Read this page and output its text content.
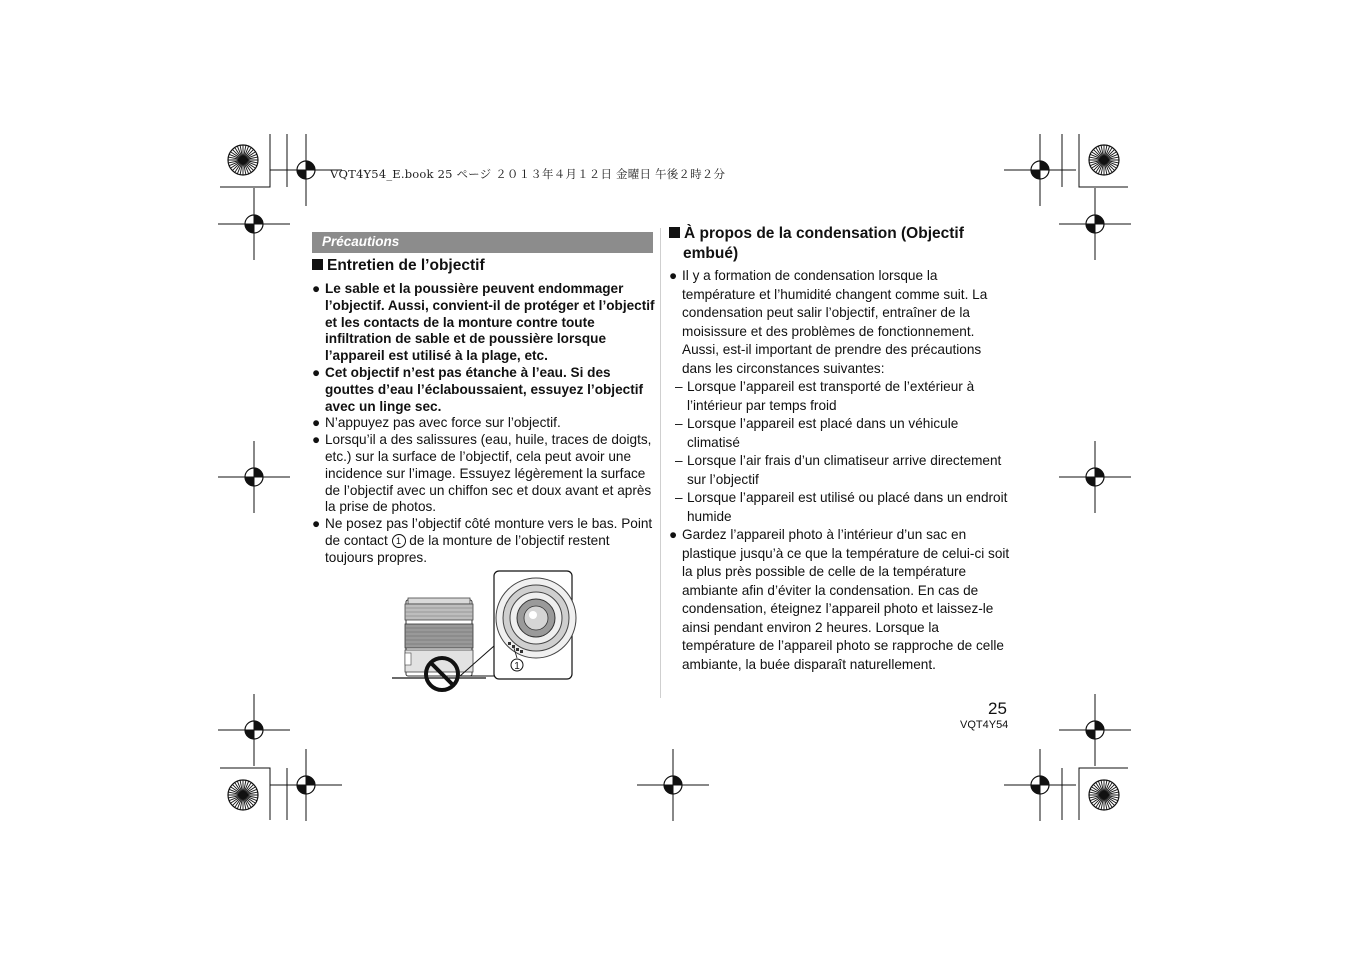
VQT4Y54_E.book 25 ページ ２０１３年４月１２日 金曜日 午後２時２分
Précautions
Entretien de l’objectif
● Le sable et la poussière peuvent endommager l’objectif. Aussi, convient-il de protéger et l’objectif et les contacts de la monture contre toute infiltration de sable et de poussière lorsque l’appareil est utilisé à la plage, etc.
● Cet objectif n’est pas étanche à l’eau. Si des gouttes d’eau l’éclaboussaient, essuyez l’objectif avec un linge sec.
● N’appuyez pas avec force sur l’objectif.
● Lorsqu’il a des salissures (eau, huile, traces de doigts, etc.) sur la surface de l’objectif, cela peut avoir une incidence sur l’image. Essuyez légèrement la surface de l’objectif avec un chiffon sec et doux avant et après la prise de photos.
● Ne posez pas l’objectif côté monture vers le bas. Point de contact 1 de la monture de l’objectif restent toujours propres.
1
À propos de la condensation (Objectif
embué)
● Il y a formation de condensation lorsque la température et l’humidité changent comme suit. La condensation peut salir l’objectif, entraîner de la moisissure et des problèmes de fonctionnement. Aussi, est-il important de prendre des précautions dans les circonstances suivantes:
– Lorsque l’appareil est transporté de l’extérieur à l’intérieur par temps froid
– Lorsque l’appareil est placé dans un véhicule climatisé
– Lorsque l’air frais d’un climatiseur arrive directement sur l’objectif
– Lorsque l’appareil est utilisé ou placé dans un endroit humide
● Gardez l’appareil photo à l’intérieur d’un sac en plastique jusqu’à ce que la température de celui-ci soit la plus près possible de celle de la température ambiante afin d’éviter la condensation. En cas de condensation, éteignez l’appareil photo et laissez-le ainsi pendant environ 2 heures. Lorsque la température de l’appareil photo se rapproche de celle ambiante, la buée disparaît naturellement.
25
VQT4Y54
